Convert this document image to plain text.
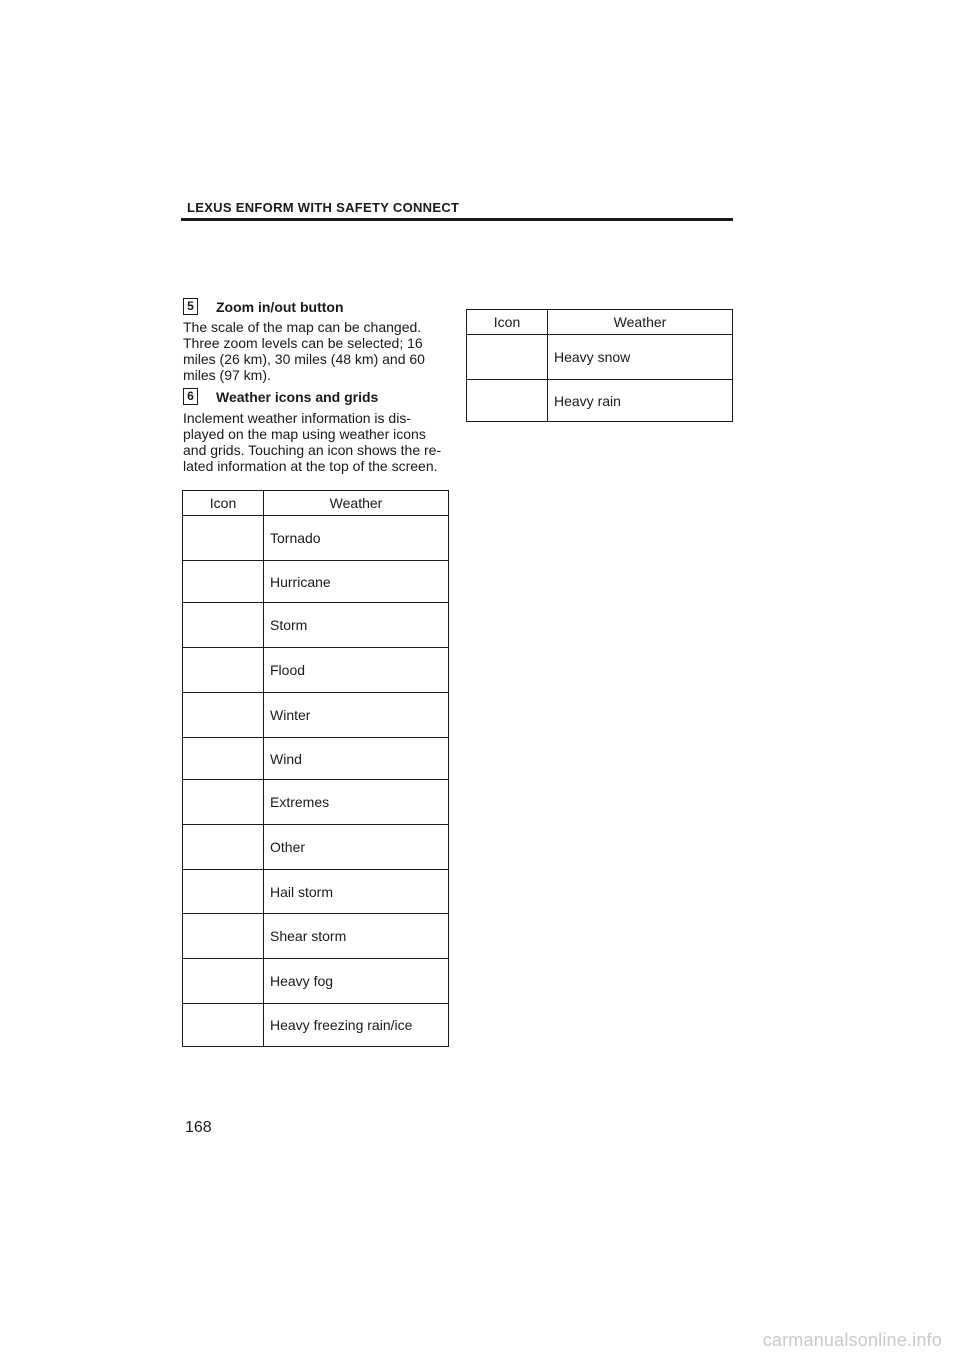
LEXUS ENFORM WITH SAFETY CONNECT
5 Zoom in/out button
The scale of the map can be changed.
Three zoom levels can be selected; 16
miles (26 km), 30 miles (48 km) and 60
miles (97 km).
6 Weather icons and grids
Inclement weather information is dis-
played on the map using weather icons
and grids. Touching an icon shows the re-
lated information at the top of the screen.
Icon	Weather
	Tornado
	Hurricane
	Storm
	Flood
	Winter
	Wind
	Extremes
	Other
	Hail storm
	Shear storm
	Heavy fog
	Heavy freezing rain/ice
Icon	Weather
	Heavy snow
	Heavy rain
168
carmanualsonline.info
